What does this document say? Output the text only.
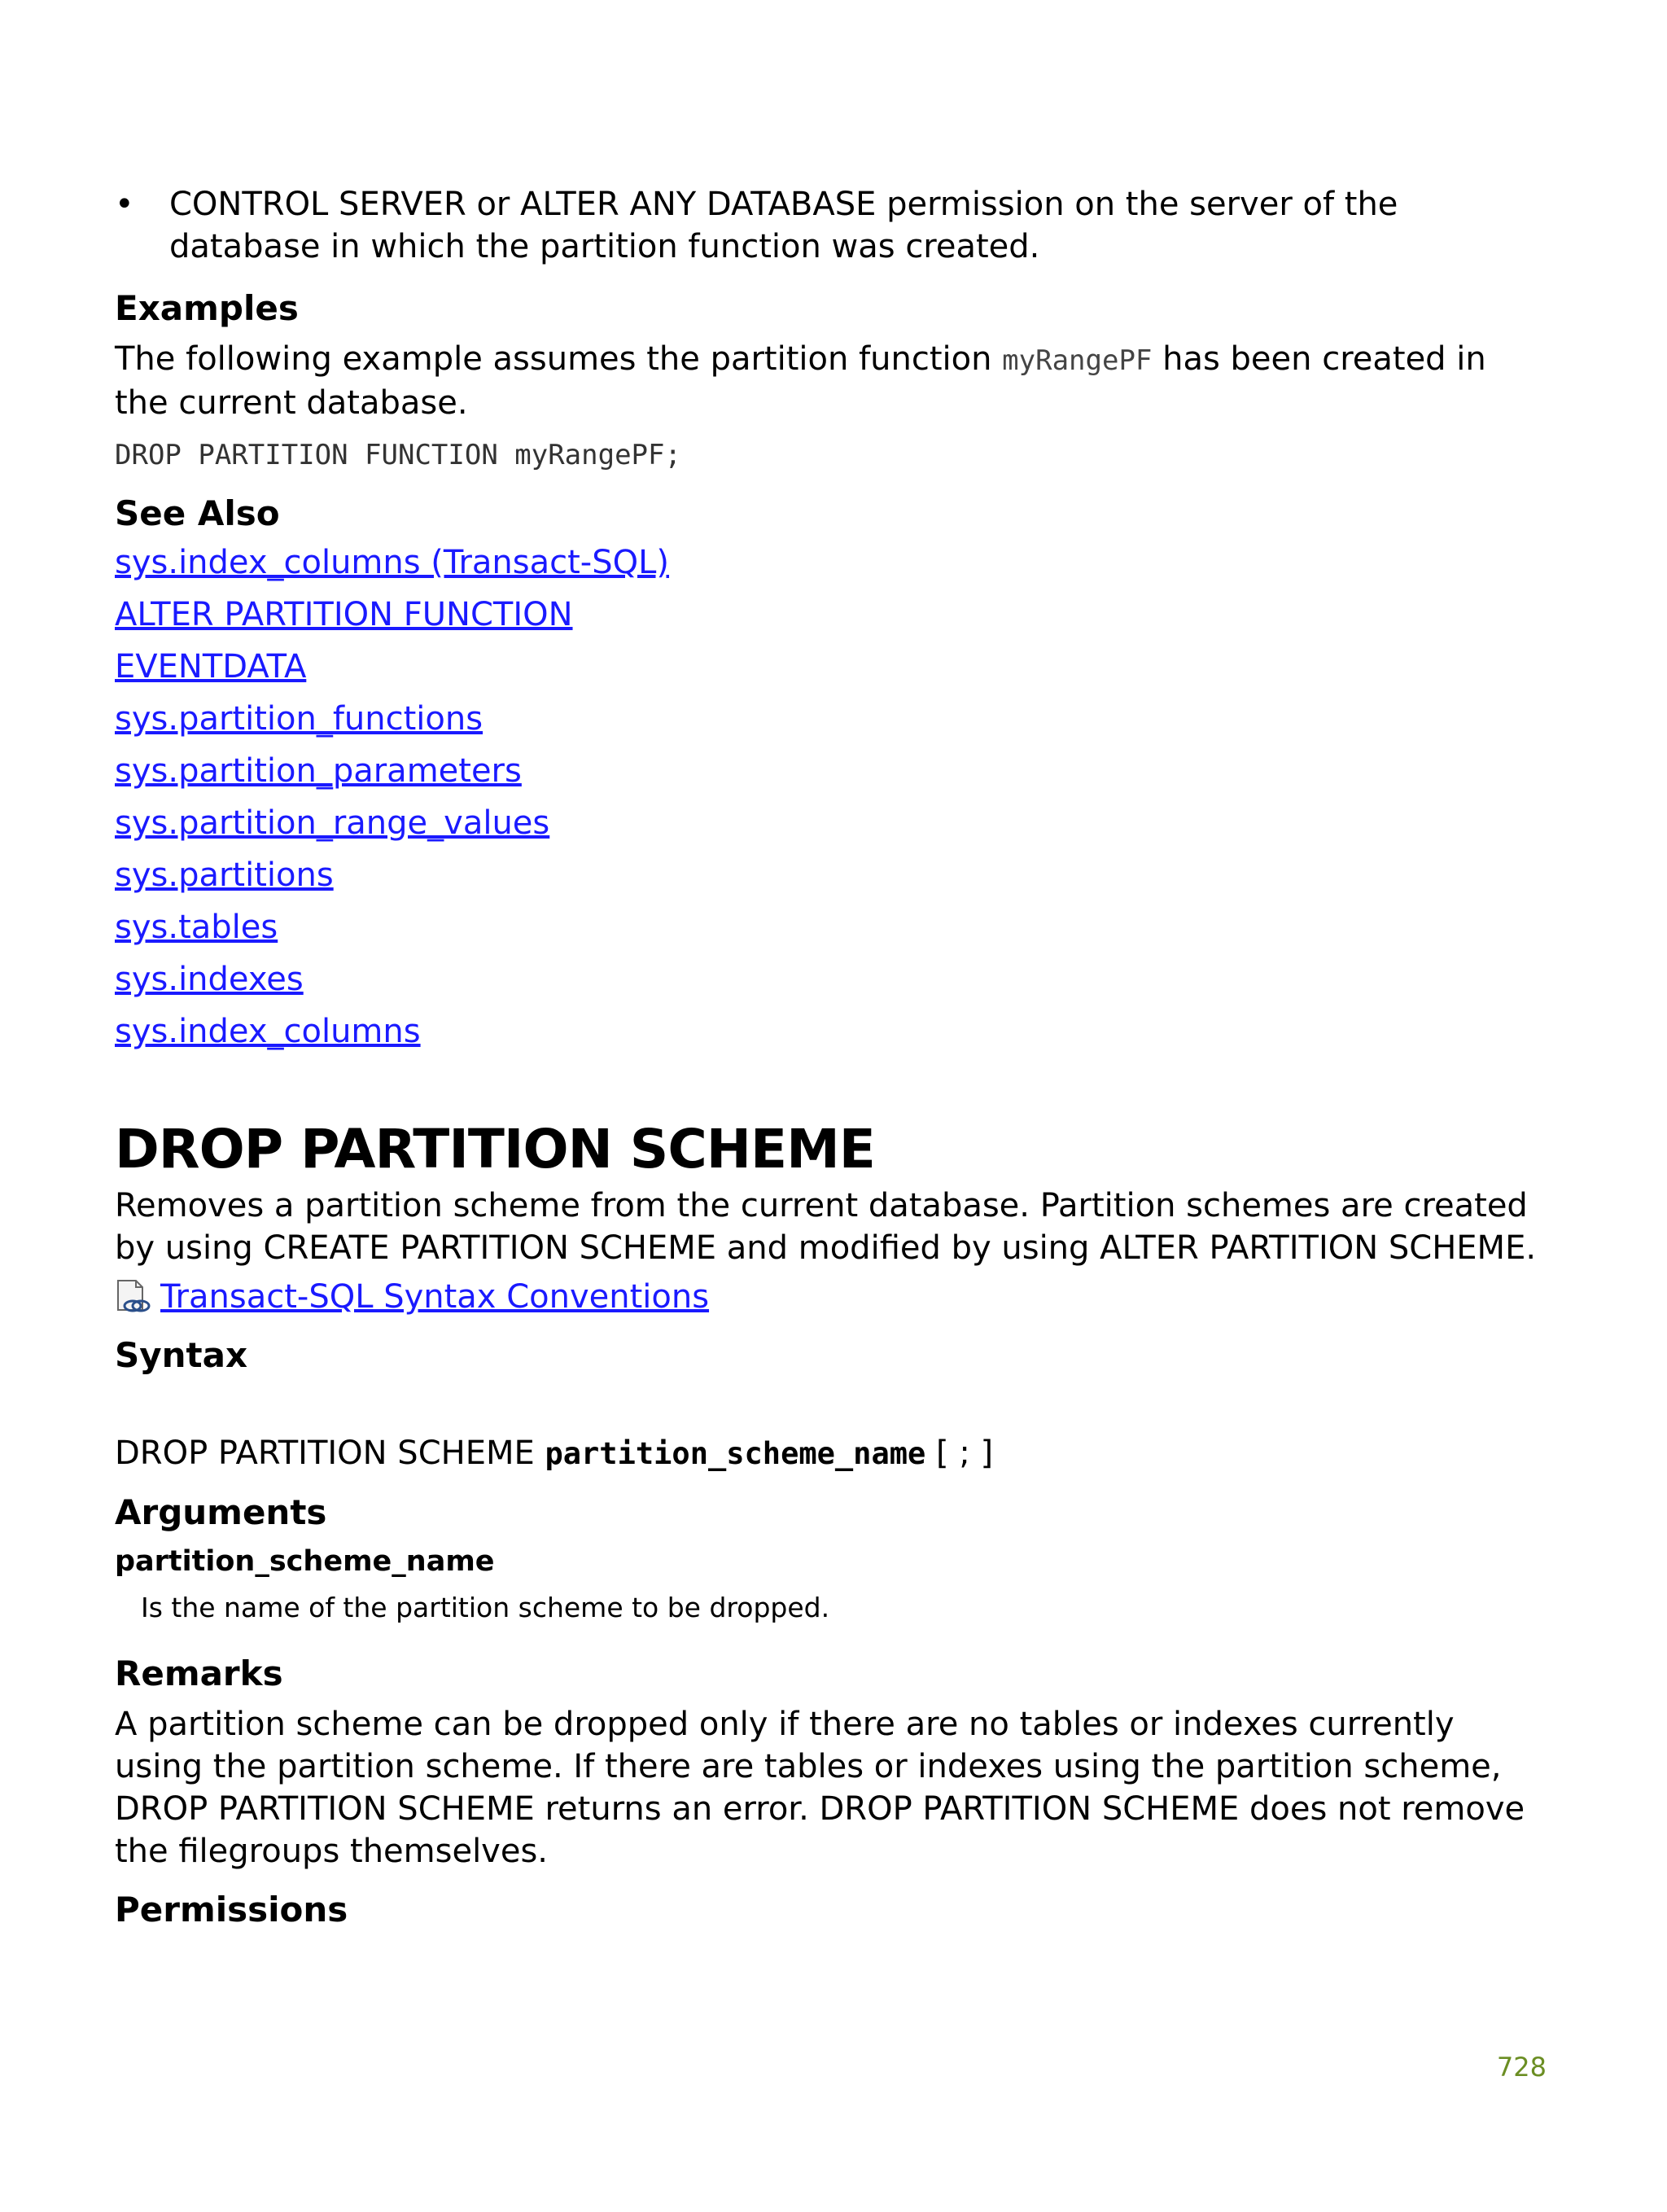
•	CONTROL SERVER or ALTER ANY DATABASE permission on the server of the database in which the partition function was created.
Examples

The following example assumes the partition function myRangePF has been created in the current database.

DROP PARTITION FUNCTION myRangePF;
See Also
sys.index_columns (Transact-SQL)
ALTER PARTITION FUNCTION
EVENTDATA
sys.partition_functions
sys.partition_parameters
sys.partition_range_values
sys.partitions
sys.tables
sys.indexes
sys.index_columns
DROP PARTITION SCHEME

Removes a partition scheme from the current database. Partition schemes are created by using CREATE PARTITION SCHEME and modified by using ALTER PARTITION SCHEME.

Transact-SQL Syntax Conventions
Syntax

DROP PARTITION SCHEME partition_scheme_name [ ; ]

Arguments
partition_scheme_name
Is the name of the partition scheme to be dropped.
Remarks

A partition scheme can be dropped only if there are no tables or indexes currently using the partition scheme. If there are tables or indexes using the partition scheme, DROP PARTITION SCHEME returns an error. DROP PARTITION SCHEME does not remove the filegroups themselves.

Permissions
728
